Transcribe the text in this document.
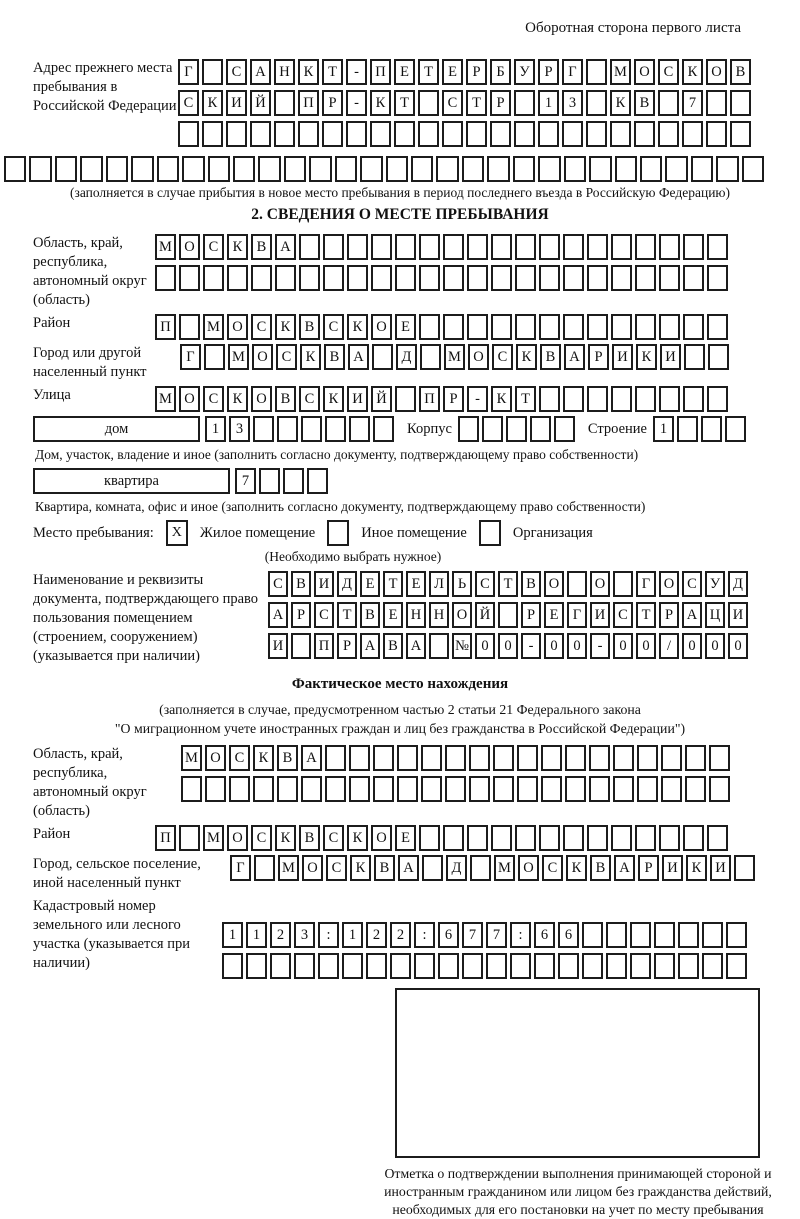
Оборотная сторона первого листа
Адрес прежнего места пребывания в Российской Федерации
Г	С А Н К	Т	-	П Е	Т	Е	Р	Б	У	Р	Г	М О С К О В
С К И Й	П	Р	-	К	Т	С	Т	Р	1	3	К В	7
(заполняется в случае прибытия в новое место пребывания в период последнего въезда в Российскую Федерацию)
2. СВЕДЕНИЯ О МЕСТЕ ПРЕБЫВАНИЯ
Область, край, республика, автономный округ (область)
М О С К В А
Район	П	М О С К В С К О Е
Город или другой населенный пункт
Г	М О С К В А	Д	М О С К В А	Р	И К И
Улица	М О С К О В С К И Й	П	Р	-	К	Т
дом	1	3	Корпус	Строение 1
Дом, участок, владение и иное (заполнить согласно документу, подтверждающему право собственности)
квартира	7
Квартира, комната, офис и иное (заполнить согласно документу, подтверждающему право собственности)
Место пребывания:	X	Жилое помещение	Иное помещение	Организация
(Необходимо выбрать нужное)
Наименование и реквизиты документа, подтверждающего право пользования помещением (строением, сооружением) (указывается при наличии)
С В И Д Е Т Е Л Ь С Т В О	О	Г О С У Д
А Р С Т В Е Н Н О Й	Р	Е Г И С Т	Р А Ц И
И	П Р А В А	№ 0	0	-	0	0	-	0	0	/	0	0	0
Фактическое место нахождения
(заполняется в случае, предусмотренном частью 2 статьи 21 Федерального закона
"О миграционном учете иностранных граждан и лиц без гражданства в Российской Федерации")
Область, край, республика, автономный округ (область)
М О С К В А
Район	П	М О С К В С К О Е
Город, сельское поселение, иной населенный пункт
Г	М О С К В А	Д	М О С К В А	Р	И К И
Кадастровый номер земельного или лесного участка (указывается при наличии)
1	1	2	3	:	1	2	2	:	6	7	7	:	6	6
Отметка о подтверждении выполнения принимающей стороной и иностранным гражданином или лицом без гражданства действий, необходимых для его постановки на учет по месту пребывания
